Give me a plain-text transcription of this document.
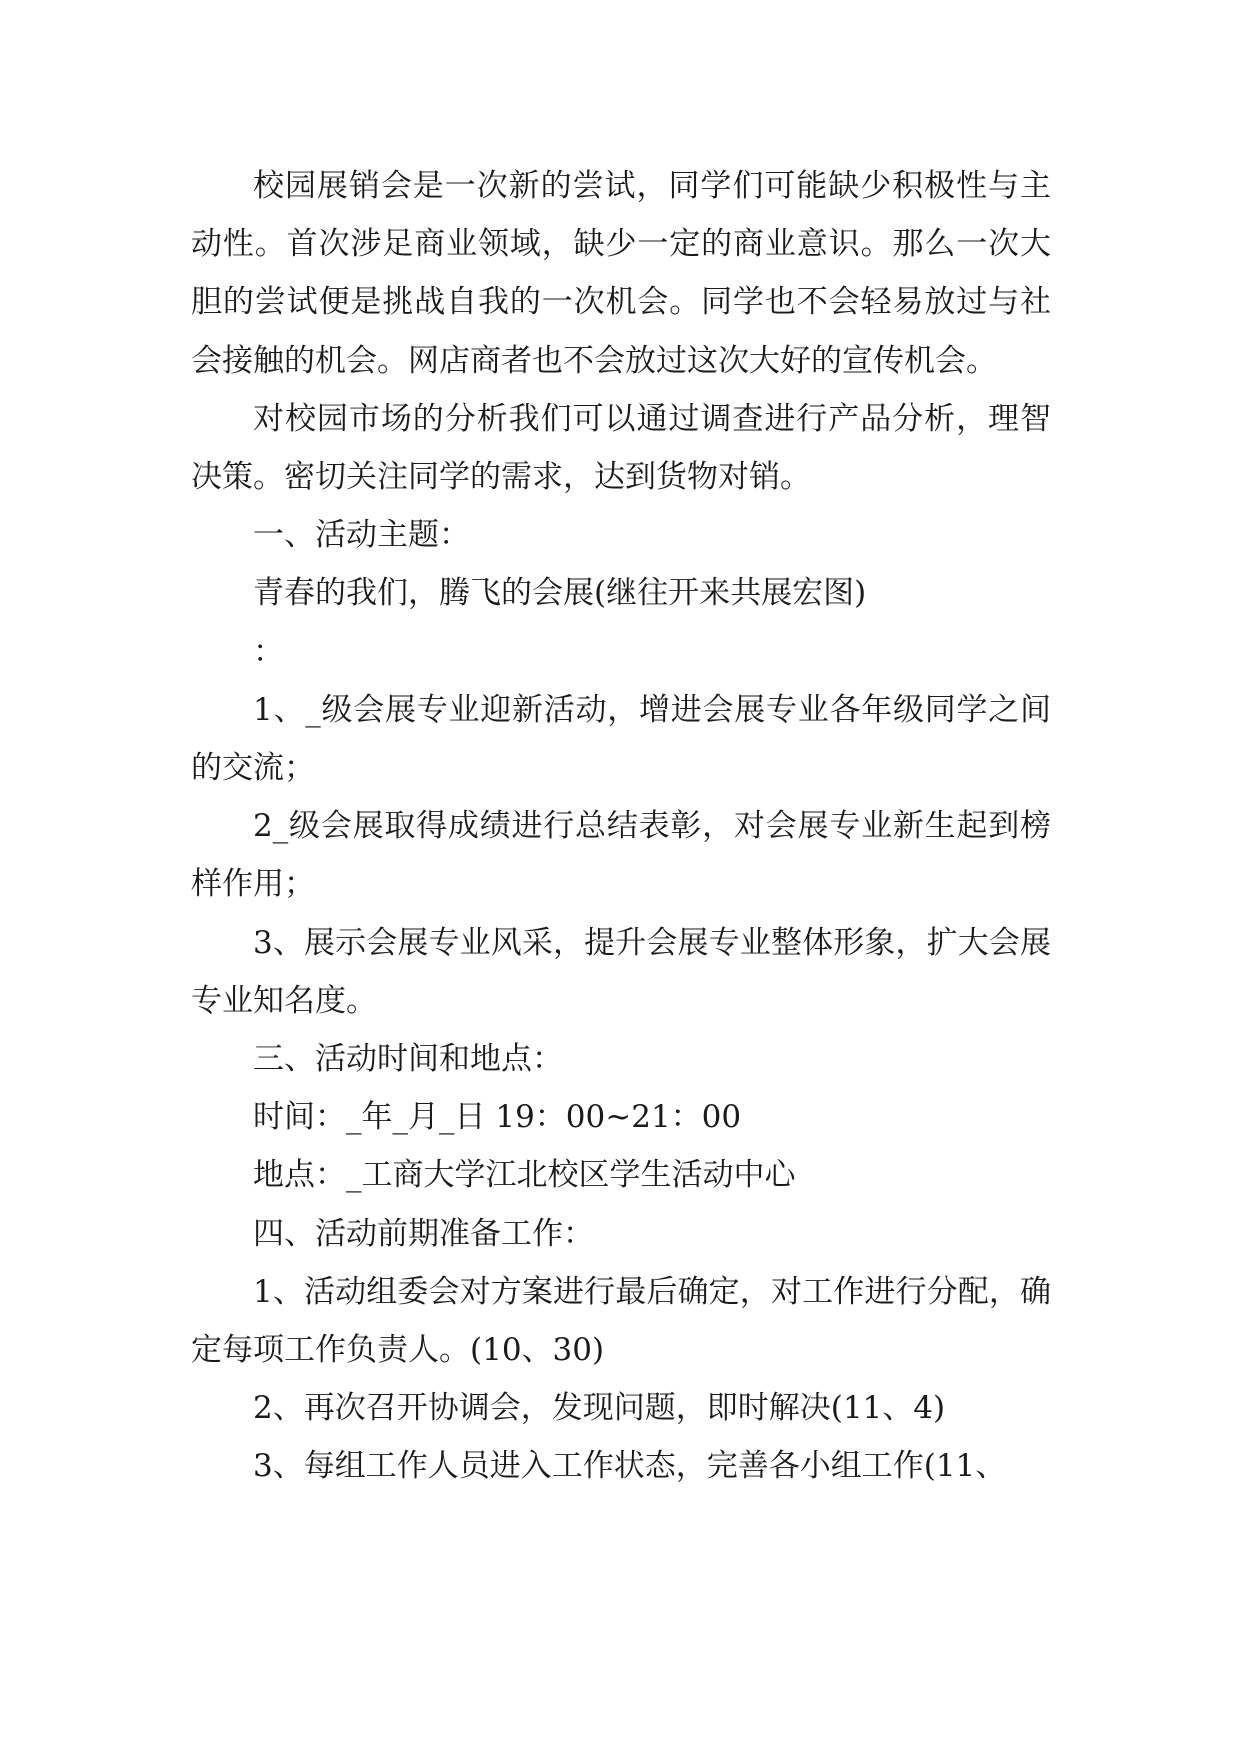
校园展销会是一次新的尝试，同学们可能缺少积极性与主动性。首次涉足商业领域，缺少一定的商业意识。那么一次大胆的尝试便是挑战自我的一次机会。同学也不会轻易放过与社会接触的机会。网店商者也不会放过这次大好的宣传机会。

对校园市场的分析我们可以通过调查进行产品分析，理智决策。密切关注同学的需求，达到货物对销。

一、活动主题：

青春的我们，腾飞的会展(继往开来共展宏图)

：

1、_级会展专业迎新活动，增进会展专业各年级同学之间的交流；

2_级会展取得成绩进行总结表彰，对会展专业新生起到榜样作用；

3、展示会展专业风采，提升会展专业整体形象，扩大会展专业知名度。

三、活动时间和地点：

时间：_年_月_日 19：00~21：00

地点：_工商大学江北校区学生活动中心

四、活动前期准备工作：

1、活动组委会对方案进行最后确定，对工作进行分配，确定每项工作负责人。(10、30)

2、再次召开协调会，发现问题，即时解决(11、4)

3、每组工作人员进入工作状态，完善各小组工作(11、
